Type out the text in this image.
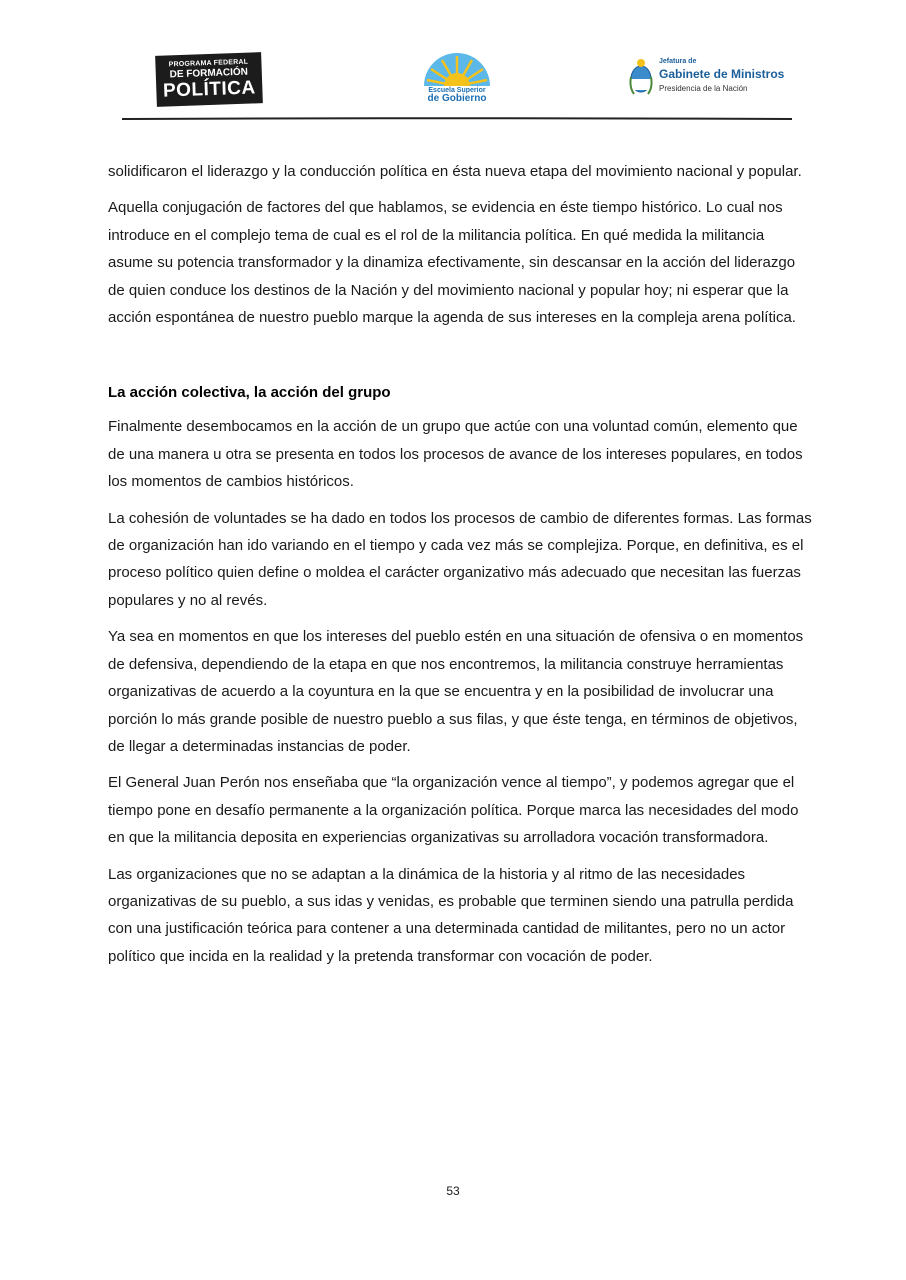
PROGRAMA FEDERAL
DE FORMACIÓN
POLÍTICA	Escuela Superior
de Gobierno
Jefatura de
Gabinete de Ministros
Presidencia de la Nación

solidificaron el liderazgo y la conducción política en ésta nueva etapa del movimiento nacional y popular.

Aquella conjugación de factores del que hablamos, se evidencia en éste tiempo histórico. Lo cual nos introduce en el complejo tema de cual es el rol de la militancia política. En qué medida la militancia asume su potencia transformador y la dinamiza efectivamente, sin descansar en la acción del liderazgo de quien conduce los destinos de la Nación y del movimiento nacional y popular hoy; ni esperar que la acción espontánea de nuestro pueblo marque la agenda de sus intereses en la compleja arena política.

La acción colectiva, la acción del grupo

Finalmente desembocamos en la acción de un grupo que actúe con una voluntad común, elemento que de una manera u otra se presenta en todos los procesos de avance de los intereses populares, en todos los momentos de cambios históricos.

La cohesión de voluntades se ha dado en todos los procesos de cambio de diferentes formas. Las formas de organización han ido variando en el tiempo y cada vez más se complejiza. Porque, en definitiva, es el proceso político quien define o moldea el carácter organizativo más adecuado que necesitan las fuerzas populares y no al revés.

Ya sea en momentos en que los intereses del pueblo estén en una situación de ofensiva o en momentos de defensiva, dependiendo de la etapa en que nos encontremos, la militancia construye herramientas organizativas de acuerdo a la coyuntura en la que se encuentra y en la posibilidad de involucrar una porción lo más grande posible de nuestro pueblo a sus filas, y que éste tenga, en términos de objetivos, de llegar a determinadas instancias de poder.

El General Juan Perón nos enseñaba que “la organización vence al tiempo”, y podemos agregar que el tiempo pone en desafío permanente a la organización política. Porque marca las necesidades del modo en que la militancia deposita en experiencias organizativas su arrolladora vocación transformadora.

Las organizaciones que no se adaptan a la dinámica de la historia y al ritmo de las necesidades organizativas de su pueblo, a sus idas y venidas, es probable que terminen siendo una patrulla perdida con una justificación teórica para contener a una determinada cantidad de militantes, pero no un actor político que incida en la realidad y la pretenda transformar con vocación de poder.

53
